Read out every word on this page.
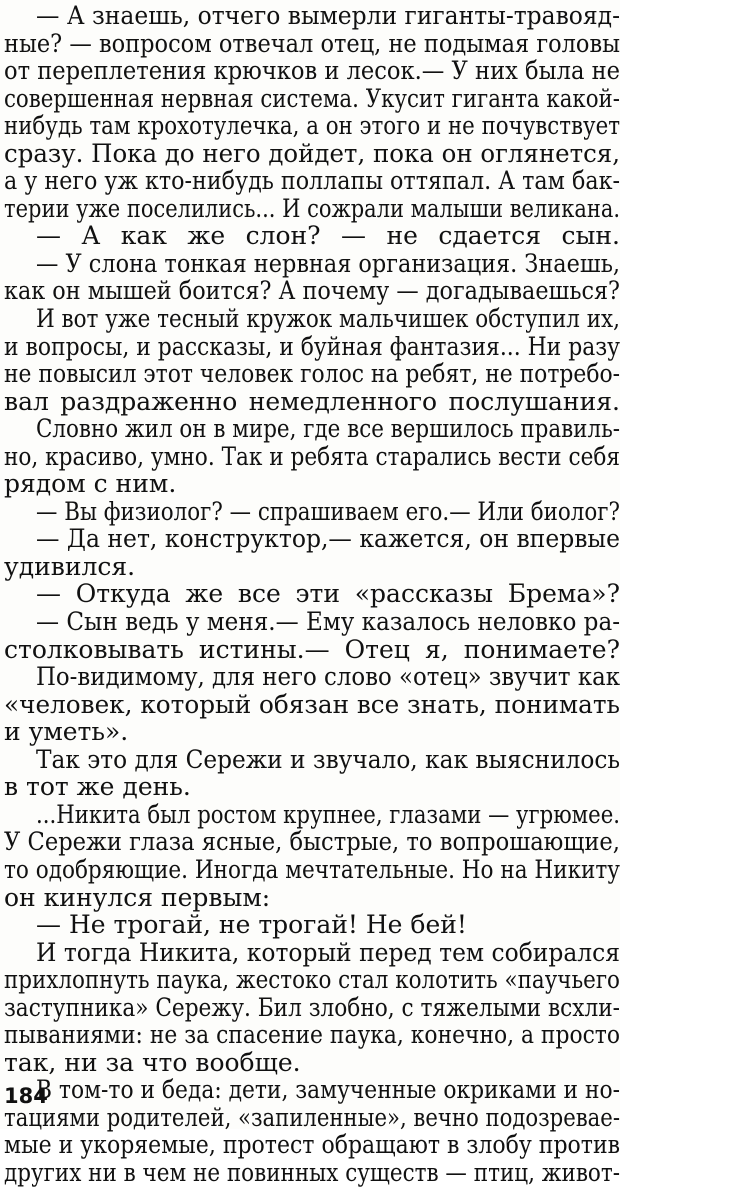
— А знаешь, отчего вымерли гиганты-травояд-
ные? — вопросом отвечал отец, не подымая головы
от переплетения крючков и лесок.— У них была не
совершенная нервная система. Укусит гиганта какой-
нибудь там крохотулечка, а он этого и не почувствует
сразу. Пока до него дойдет, пока он оглянется,
а у него уж кто-нибудь поллапы оттяпал. А там бак-
терии уже поселились... И сожрали малыши великана.
— А как же слон? — не сдается сын.
— У слона тонкая нервная организация. Знаешь,
как он мышей боится? А почему — догадываешься?
И вот уже тесный кружок мальчишек обступил их,
и вопросы, и рассказы, и буйная фантазия... Ни разу
не повысил этот человек голос на ребят, не потребо-
вал раздраженно немедленного послушания.
Словно жил он в мире, где все вершилось правиль-
но, красиво, умно. Так и ребята старались вести себя
рядом с ним.
— Вы физиолог? — спрашиваем его.— Или биолог?
— Да нет, конструктор,— кажется, он впервые
удивился.
— Откуда же все эти «рассказы Брема»?
— Сын ведь у меня.— Ему казалось неловко ра-
столковывать истины.— Отец я, понимаете?
По-видимому, для него слово «отец» звучит как
«человек, который обязан все знать, понимать
и уметь».
Так это для Сережи и звучало, как выяснилось
в тот же день.
...Никита был ростом крупнее, глазами — угрюмее.
У Сережи глаза ясные, быстрые, то вопрошающие,
то одобряющие. Иногда мечтательные. Но на Никиту
он кинулся первым:
— Не трогай, не трогай! Не бей!
И тогда Никита, который перед тем собирался
прихлопнуть паука, жестоко стал колотить «паучьего
заступника» Сережу. Бил злобно, с тяжелыми всхли-
пываниями: не за спасение паука, конечно, а просто
так, ни за что вообще.
В том-то и беда: дети, замученные окриками и но-
тациями родителей, «запиленные», вечно подозревае-
мые и укоряемые, протест обращают в злобу против
других ни в чем не повинных существ — птиц, живот-
184
